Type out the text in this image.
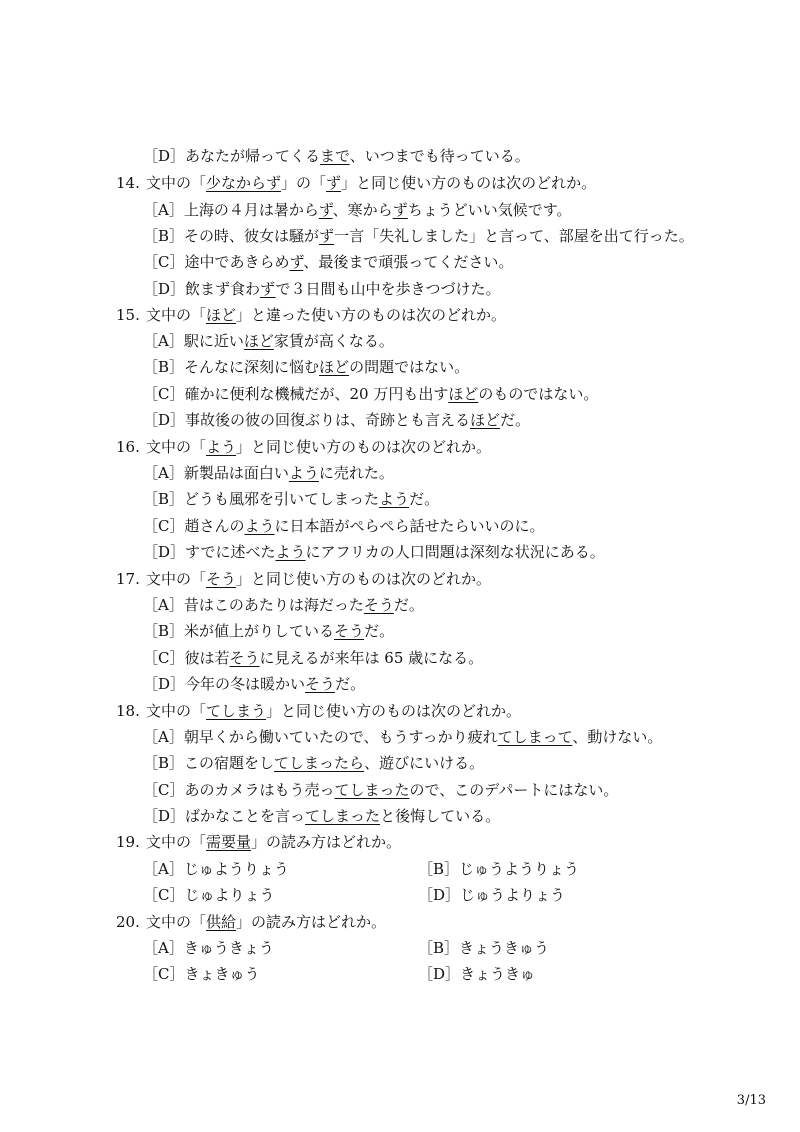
［D］あなたが帰ってくるまで、いつまでも待っている。
14. 文中の「少なからず」の「ず」と同じ使い方のものは次のどれか。
［A］上海の４月は暑からず、寒からずちょうどいい気候です。
［B］その時、彼女は騒がず一言「失礼しました」と言って、部屋を出て行った。
［C］途中であきらめず、最後まで頑張ってください。
［D］飲まず食わずで３日間も山中を歩きつづけた。
15. 文中の「ほど」と違った使い方のものは次のどれか。
［A］駅に近いほど家賃が高くなる。
［B］そんなに深刻に悩むほどの問題ではない。
［C］確かに便利な機械だが、20 万円も出すほどのものではない。
［D］事故後の彼の回復ぶりは、奇跡とも言えるほどだ。
16. 文中の「よう」と同じ使い方のものは次のどれか。
［A］新製品は面白いように売れた。
［B］どうも風邪を引いてしまったようだ。
［C］趙さんのように日本語がぺらぺら話せたらいいのに。
［D］すでに述べたようにアフリカの人口問題は深刻な状況にある。
17. 文中の「そう」と同じ使い方のものは次のどれか。
［A］昔はこのあたりは海だったそうだ。
［B］米が値上がりしているそうだ。
［C］彼は若そうに見えるが来年は 65 歳になる。
［D］今年の冬は暖かいそうだ。
18. 文中の「てしまう」と同じ使い方のものは次のどれか。
［A］朝早くから働いていたので、もうすっかり疲れてしまって、動けない。
［B］この宿題をしてしまったら、遊びにいける。
［C］あのカメラはもう売ってしまったので、このデパートにはない。
［D］ばかなことを言ってしまったと後悔している。
19. 文中の「需要量」の読み方はどれか。
［A］じゅようりょう	［B］じゅうようりょう
［C］じゅよりょう	［D］じゅうよりょう
20. 文中の「供給」の読み方はどれか。
［A］きゅうきょう	［B］きょうきゅう
［C］きょきゅう	［D］きょうきゅ
3/13
